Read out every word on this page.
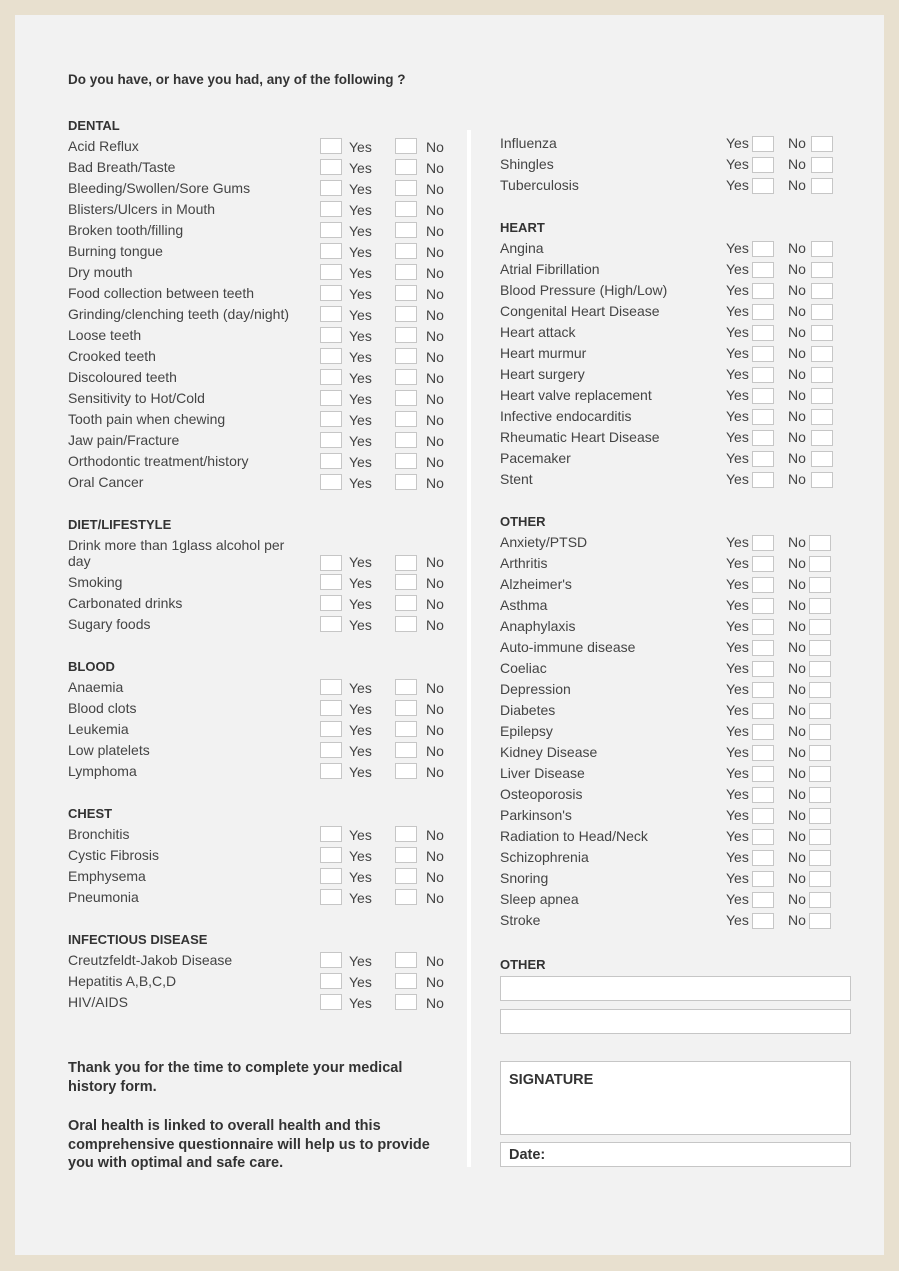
Do you have, or have you had, any of the following ?
DENTAL
Acid Reflux	Yes	No
Bad Breath/Taste	Yes	No
Bleeding/Swollen/Sore Gums	Yes	No
Blisters/Ulcers in Mouth	Yes	No
Broken tooth/filling	Yes	No
Burning tongue	Yes	No
Dry mouth	Yes	No
Food collection between teeth	Yes	No
Grinding/clenching teeth (day/night)	Yes	No
Loose teeth	Yes	No
Crooked teeth	Yes	No
Discoloured teeth	Yes	No
Sensitivity to Hot/Cold	Yes	No
Tooth pain when chewing	Yes	No
Jaw pain/Fracture	Yes	No
Orthodontic treatment/history	Yes	No
Oral Cancer	Yes	No
DIET/LIFESTYLE
Drink more than 1glass alcohol per day	Yes	No
Smoking	Yes	No
Carbonated drinks	Yes	No
Sugary foods	Yes	No
BLOOD
Anaemia	Yes	No
Blood clots	Yes	No
Leukemia	Yes	No
Low platelets	Yes	No
Lymphoma	Yes	No
CHEST
Bronchitis	Yes	No
Cystic Fibrosis	Yes	No
Emphysema	Yes	No
Pneumonia	Yes	No
INFECTIOUS DISEASE
Creutzfeldt-Jakob Disease	Yes	No
Hepatitis A,B,C,D	Yes	No
HIV/AIDS	Yes	No
Influenza	Yes	No
Shingles	Yes	No
Tuberculosis	Yes	No
HEART
Angina	Yes	No
Atrial Fibrillation	Yes	No
Blood Pressure (High/Low)	Yes	No
Congenital Heart Disease	Yes	No
Heart attack	Yes	No
Heart murmur	Yes	No
Heart surgery	Yes	No
Heart valve replacement	Yes	No
Infective endocarditis	Yes	No
Rheumatic Heart Disease	Yes	No
Pacemaker	Yes	No
Stent	Yes	No
OTHER
Anxiety/PTSD	Yes	No
Arthritis	Yes	No
Alzheimer's	Yes	No
Asthma	Yes	No
Anaphylaxis	Yes	No
Auto-immune disease	Yes	No
Coeliac	Yes	No
Depression	Yes	No
Diabetes	Yes	No
Epilepsy	Yes	No
Kidney Disease	Yes	No
Liver Disease	Yes	No
Osteoporosis	Yes	No
Parkinson's	Yes	No
Radiation to Head/Neck	Yes	No
Schizophrenia	Yes	No
Snoring	Yes	No
Sleep apnea	Yes	No
Stroke	Yes	No
OTHER
SIGNATURE
Date:
Thank you for the time to complete your medical history form.
Oral health is linked to overall health and this comprehensive questionnaire will help us to provide you with optimal and safe care.
